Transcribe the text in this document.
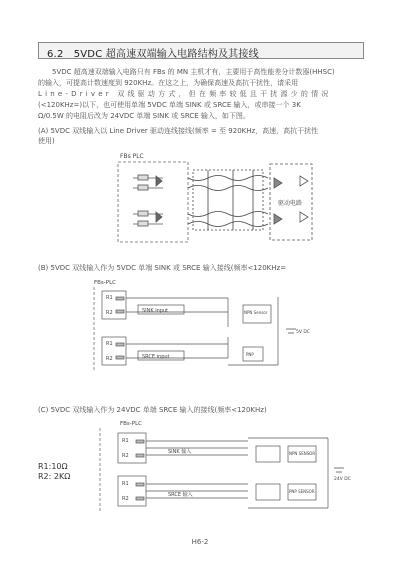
6.2　5VDC 超高速双端输入电路结构及其接线
5VDC 超高速双端输入电路只有 FBs 的 MN 主机才有，主要用于高性能差分计数器(HHSC)
的输入，可提高计数速度到 920KHz。在这之上，为确保高速及高抗干扰性，请采用
Line-Driver 双线驱动方式，但在频率较低且干扰源少的情况
(<120KHz=)以下，也可使用单端 5VDC 单端 SINK 或 SRCE 输入，或串接一个 3K
Ω/0.5W 的电阻后改为 24VDC 单端 SINK 或 SRCE 输入，如下图。
(A) 5VDC 双线输入以 Line Driver 驱动连线接线(频率 = 至 920KHz，高速，高抗干扰性
使用)
FBs PLC
驱动电路
(B) 5VDC 双线输入作为 5VDC 单端 SINK 或 SRCE 输入接线(频率<120KHz=
FBs-PLC
R1
R2	SINK input	NPN Sensor
R1
R2	SRCE input	PNP
5V DC
(C) 5VDC 双线输入作为 24VDC 单端 SRCE 输入的接线(频率<120KHz)
FBs-PLC
R1
R2
SINK 输入	NPN SENSOR
R1
R2
SRCE 输入
PNP SENSOR
24V DC
R1:10Ω
R2: 2KΩ
H6-2
